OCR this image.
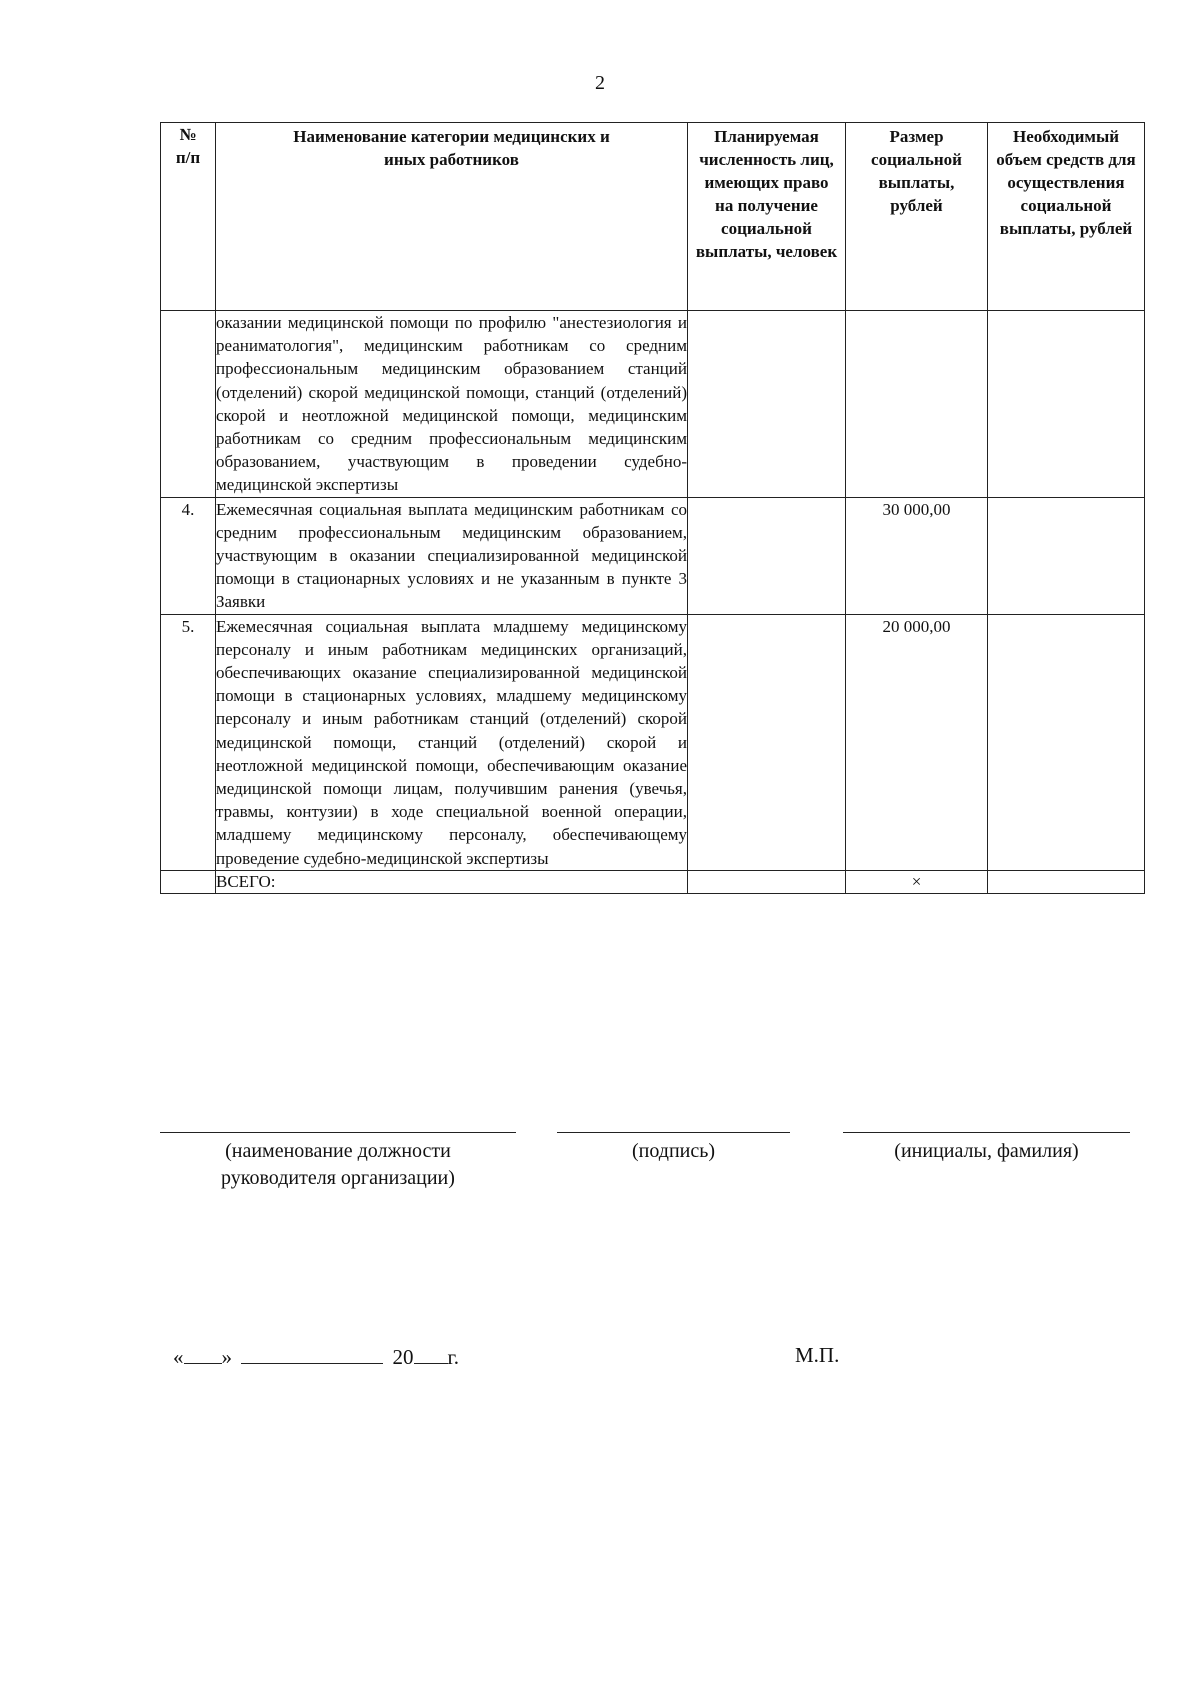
2
№ п/п	Наименование категории медицинских и иных работников	Планируемая численность лиц, имеющих право на получение социальной выплаты, человек	Размер социальной выплаты, рублей	Необходимый объем средств для осуществления социальной выплаты, рублей
	оказании медицинской помощи по профилю "анестезиология и реаниматология", медицинским работникам со средним профессиональным медицинским образованием станций (отделений) скорой медицинской помощи, станций (отделений) скорой и неотложной медицинской помощи, медицинским работникам со средним профессиональным медицинским образованием, участвующим в проведении судебно-медицинской экспертизы			
4.	Ежемесячная социальная выплата медицинским работникам со средним профессиональным медицинским образованием, участвующим в оказании специализированной медицинской помощи в стационарных условиях и не указанным в пункте 3 Заявки		30 000,00	
5.	Ежемесячная социальная выплата младшему медицинскому персоналу и иным работникам медицинских организаций, обеспечивающих оказание специализированной медицинской помощи в стационарных условиях, младшему медицинскому персоналу и иным работникам станций (отделений) скорой медицинской помощи, станций (отделений) скорой и неотложной медицинской помощи, обеспечивающим оказание медицинской помощи лицам, получившим ранения (увечья, травмы, контузии) в ходе специальной военной операции, младшему медицинскому персоналу, обеспечивающему проведение судебно-медицинской экспертизы		20 000,00	
	ВСЕГО:		×	
(наименование должности руководителя организации)
(подпись)	(инициалы, фамилия)
« »	20 г.	М.П.
